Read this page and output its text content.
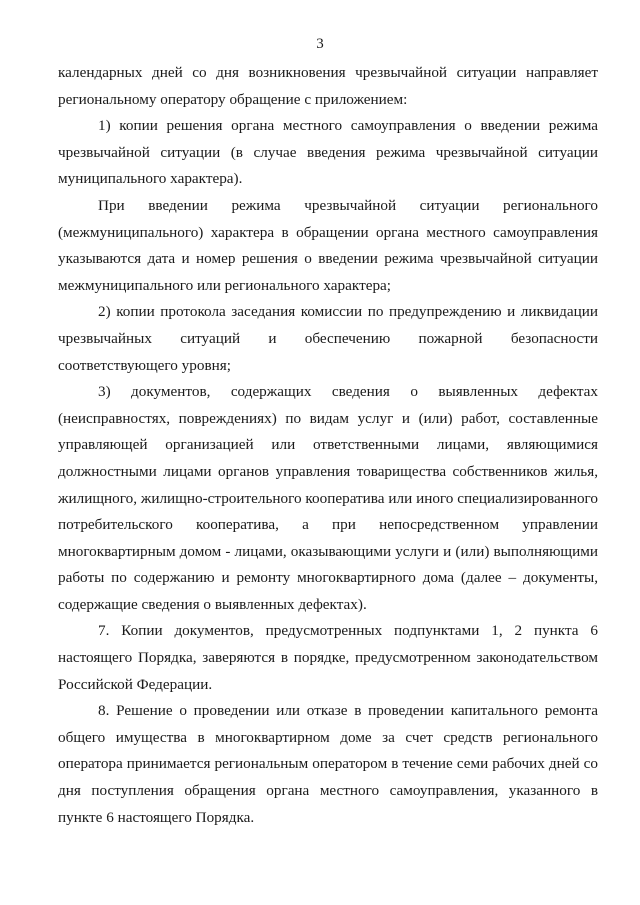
3

календарных дней со дня возникновения чрезвычайной ситуации направляет региональному оператору обращение с приложением:

1) копии решения органа местного самоуправления о введении режима чрезвычайной ситуации (в случае введения режима чрезвычайной ситуации муниципального характера).

При введении режима чрезвычайной ситуации регионального (межмуниципального) характера в обращении органа местного самоуправления указываются дата и номер решения о введении режима чрезвычайной ситуации межмуниципального или регионального характера;

2) копии протокола заседания комиссии по предупреждению и ликвидации чрезвычайных ситуаций и обеспечению пожарной безопасности соответствующего уровня;

3) документов, содержащих сведения о выявленных дефектах (неисправностях, повреждениях) по видам услуг и (или) работ, составленные управляющей организацией или ответственными лицами, являющимися должностными лицами органов управления товарищества собственников жилья, жилищного, жилищно-строительного кооператива или иного специализированного потребительского кооператива, а при непосредственном управлении многоквартирным домом - лицами, оказывающими услуги и (или) выполняющими работы по содержанию и ремонту многоквартирного дома (далее – документы, содержащие сведения о выявленных дефектах).

7. Копии документов, предусмотренных подпунктами 1, 2 пункта 6 настоящего Порядка, заверяются в порядке, предусмотренном законодательством Российской Федерации.

8. Решение о проведении или отказе в проведении капитального ремонта общего имущества в многоквартирном доме за счет средств регионального оператора принимается региональным оператором в течение семи рабочих дней со дня поступления обращения органа местного самоуправления, указанного в пункте 6 настоящего Порядка.
